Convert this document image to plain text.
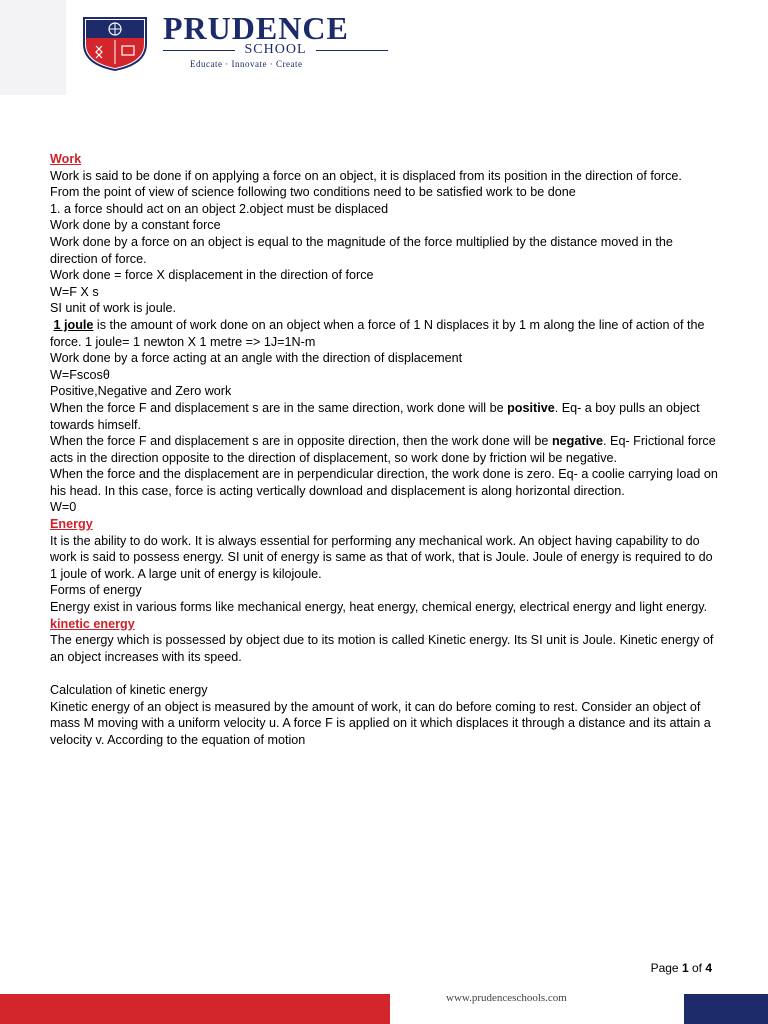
PRUDENCE
SCHOOL
Educate · Innovate · Create

Work

Work is said to be done if on applying a force on an object, it is displaced from its position in the direction of force.

From the point of view of science following two conditions need to be satisfied work to be done

1. a force should act on an object 2.object must be displaced

Work done by a constant force

Work done by a force on an object is equal to the magnitude of the force multiplied by the distance moved in the direction of force.

Work done = force X displacement in the direction of force

W=F X s

SI unit of work is joule.

1 joule is the amount of work done on an object when a force of 1 N displaces it by 1 m along the line of action of the force. 1 joule= 1 newton X 1 metre => 1J=1N-m

Work done by a force acting at an angle with the direction of displacement

W=Fscosθ

Positive,Negative and Zero work

When the force F and displacement s are in the same direction, work done will be positive. Eq- a boy pulls an object towards himself.

When the force F and displacement s are in opposite direction, then the work done will be negative. Eq- Frictional force acts in the direction opposite to the direction of displacement, so work done by friction wil be negative.

When the force and the displacement are in perpendicular direction, the work done is zero. Eq- a coolie carrying load on his head. In this case, force is acting vertically download and displacement is along horizontal direction.

W=0

Energy

It is the ability to do work. It is always essential for performing any mechanical work. An object having capability to do work is said to possess energy. SI unit of energy is same as that of work, that is Joule. Joule of energy is required to do 1 joule of work. A large unit of energy is kilojoule.

Forms of energy

Energy exist in various forms like mechanical energy, heat energy, chemical energy, electrical energy and light energy.

kinetic energy

The energy which is possessed by object due to its motion is called Kinetic energy. Its SI unit is Joule. Kinetic energy of an object increases with its speed.

Calculation of kinetic energy

Kinetic energy of an object is measured by the amount of work, it can do before coming to rest. Consider an object of mass M moving with a uniform velocity u. A force F is applied on it which displaces it through a distance and its attain a velocity v. According to the equation of motion

Page 1 of 4
www.prudenceschools.com
